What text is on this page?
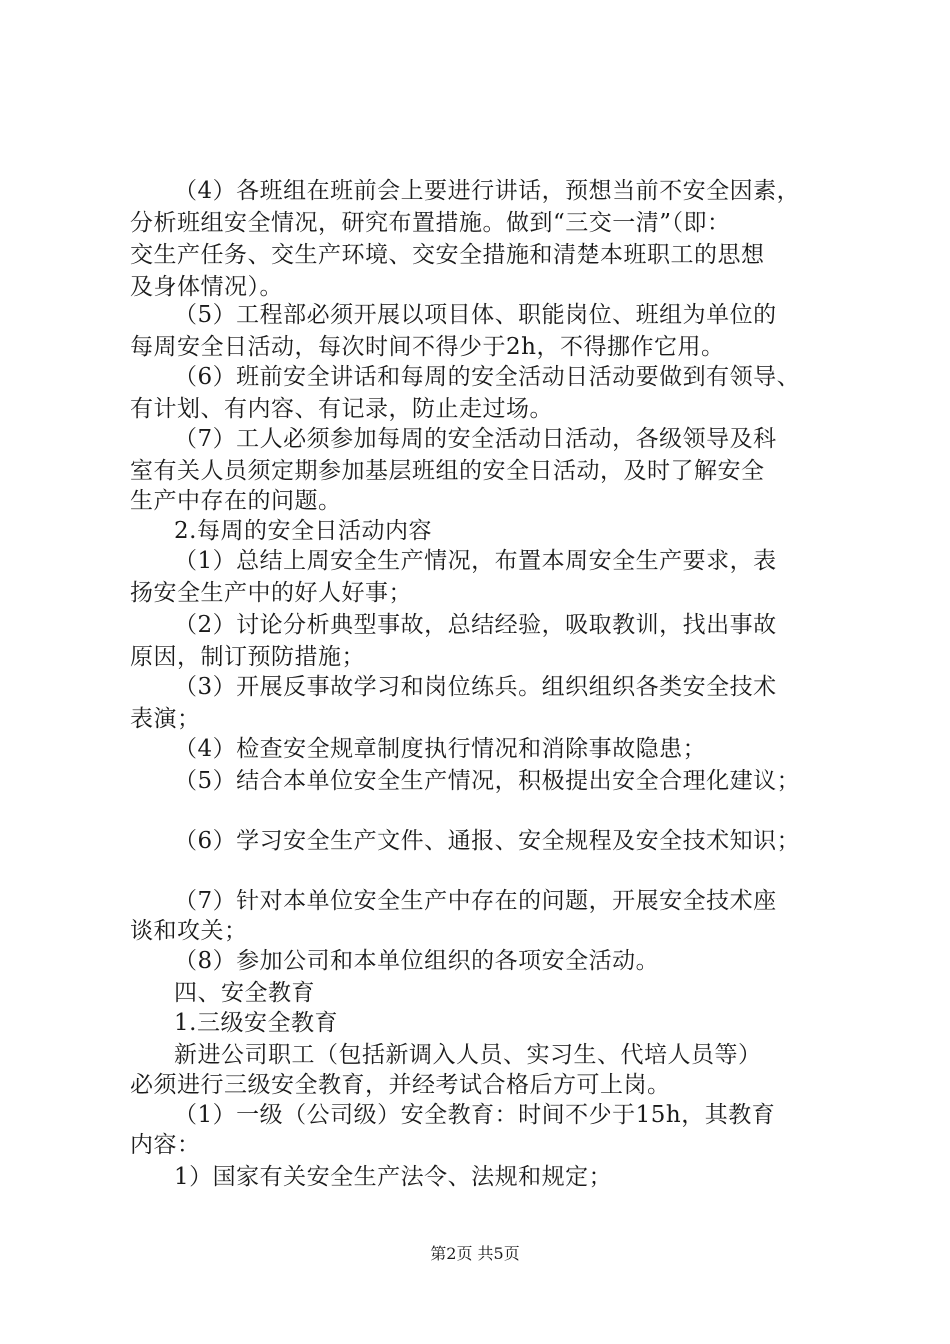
（4）各班组在班前会上要进行讲话，预想当前不安全因素，
分析班组安全情况，研究布置措施。做到“三交一清”（即：
交生产任务、交生产环境、交安全措施和清楚本班职工的思想
及身体情况）。
（5）工程部必须开展以项目体、职能岗位、班组为单位的
每周安全日活动，每次时间不得少于2h，不得挪作它用。
（6）班前安全讲话和每周的安全活动日活动要做到有领导、
有计划、有内容、有记录，防止走过场。
（7）工人必须参加每周的安全活动日活动，各级领导及科
室有关人员须定期参加基层班组的安全日活动，及时了解安全
生产中存在的问题。
2.每周的安全日活动内容
（1）总结上周安全生产情况，布置本周安全生产要求，表
扬安全生产中的好人好事；
（2）讨论分析典型事故，总结经验，吸取教训，找出事故
原因，制订预防措施；
（3）开展反事故学习和岗位练兵。组织组织各类安全技术
表演；
（4）检查安全规章制度执行情况和消除事故隐患；
（5）结合本单位安全生产情况，积极提出安全合理化建议；
（6）学习安全生产文件、通报、安全规程及安全技术知识；
（7）针对本单位安全生产中存在的问题，开展安全技术座
谈和攻关；
（8）参加公司和本单位组织的各项安全活动。
四、安全教育
1.三级安全教育
新进公司职工（包括新调入人员、实习生、代培人员等）
必须进行三级安全教育，并经考试合格后方可上岗。
（1）一级（公司级）安全教育：时间不少于15h，其教育
内容：
1）国家有关安全生产法令、法规和规定；
第2页 共5页
